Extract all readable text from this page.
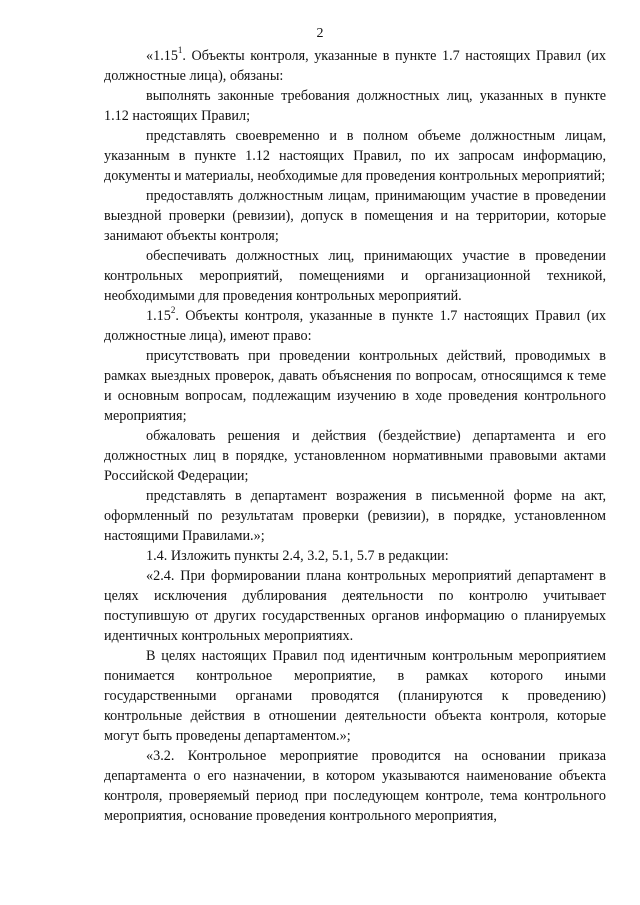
2

«1.15$^1$. Объекты контроля, указанные в пункте 1.7 настоящих Правил (их должностные лица), обязаны:

выполнять законные требования должностных лиц, указанных в пункте 1.12 настоящих Правил;

представлять своевременно и в полном объеме должностным лицам, указанным в пункте 1.12 настоящих Правил, по их запросам информацию, документы и материалы, необходимые для проведения контрольных мероприятий;

предоставлять должностным лицам, принимающим участие в проведении выездной проверки (ревизии), допуск в помещения и на территории, которые занимают объекты контроля;

обеспечивать должностных лиц, принимающих участие в проведении контрольных мероприятий, помещениями и организационной техникой, необходимыми для проведения контрольных мероприятий.

1.15$^2$. Объекты контроля, указанные в пункте 1.7 настоящих Правил (их должностные лица), имеют право:

присутствовать при проведении контрольных действий, проводимых в рамках выездных проверок, давать объяснения по вопросам, относящимся к теме и основным вопросам, подлежащим изучению в ходе проведения контрольного мероприятия;

обжаловать решения и действия (бездействие) департамента и его должностных лиц в порядке, установленном нормативными правовыми актами Российской Федерации;

представлять в департамент возражения в письменной форме на акт, оформленный по результатам проверки (ревизии), в порядке, установленном настоящими Правилами.»;

1.4. Изложить пункты 2.4, 3.2, 5.1, 5.7 в редакции:

«2.4. При формировании плана контрольных мероприятий департамент в целях исключения дублирования деятельности по контролю учитывает поступившую от других государственных органов информацию о планируемых идентичных контрольных мероприятиях.

В целях настоящих Правил под идентичным контрольным мероприятием понимается контрольное мероприятие, в рамках которого иными государственными органами проводятся (планируются к проведению) контрольные действия в отношении деятельности объекта контроля, которые могут быть проведены департаментом.»;

«3.2. Контрольное мероприятие проводится на основании приказа департамента о его назначении, в котором указываются наименование объекта контроля, проверяемый период при последующем контроле, тема контрольного мероприятия, основание проведения контрольного мероприятия,
